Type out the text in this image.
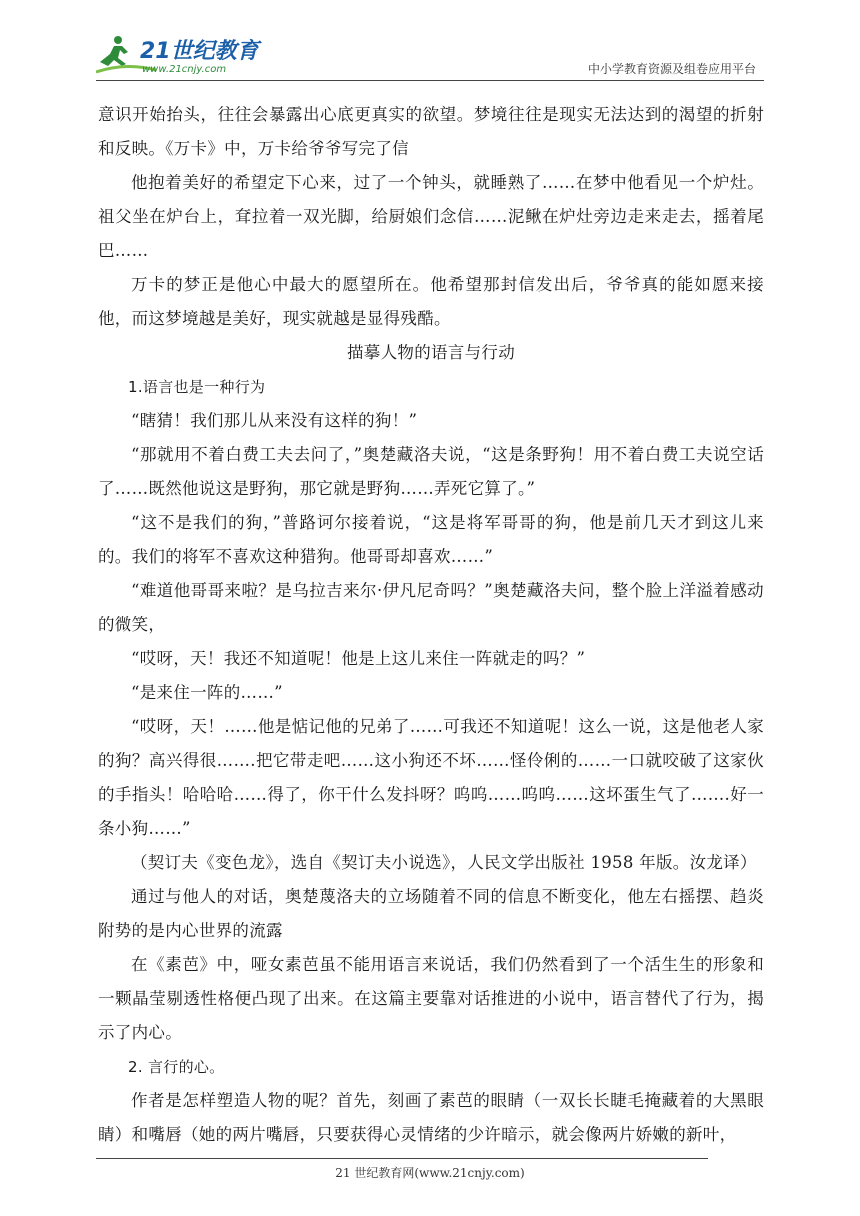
21世纪教育
www.21cnjy.com	中小学教育资源及组卷应用平台

意识开始抬头，往往会暴露出心底更真实的欲望。梦境往往是现实无法达到的渴望的折射和反映。《万卡》中，万卡给爷爷写完了信

他抱着美好的希望定下心来，过了一个钟头，就睡熟了……在梦中他看见一个炉灶。祖父坐在炉台上，耷拉着一双光脚，给厨娘们念信……泥鳅在炉灶旁边走来走去，摇着尾巴……

万卡的梦正是他心中最大的愿望所在。他希望那封信发出后，爷爷真的能如愿来接他，而这梦境越是美好，现实就越是显得残酷。

描摹人物的语言与行动

1.语言也是一种行为

“瞎猜！我们那儿从来没有这样的狗！”

“那就用不着白费工夫去问了，”奥楚藏洛夫说，“这是条野狗！用不着白费工夫说空话了……既然他说这是野狗，那它就是野狗……弄死它算了。”

“这不是我们的狗，”普路诃尔接着说，“这是将军哥哥的狗，他是前几天才到这儿来的。我们的将军不喜欢这种猎狗。他哥哥却喜欢……”

“难道他哥哥来啦？是乌拉吉来尔·伊凡尼奇吗？”奥楚藏洛夫问，整个脸上洋溢着感动的微笑，

“哎呀，天！我还不知道呢！他是上这儿来住一阵就走的吗？”

“是来住一阵的……”

“哎呀，天！……他是惦记他的兄弟了……可我还不知道呢！这么一说，这是他老人家的狗？高兴得很…….把它带走吧……这小狗还不坏……怪伶俐的……一口就咬破了这家伙的手指头！哈哈哈……得了，你干什么发抖呀？呜呜……呜呜……这坏蛋生气了…….好一条小狗……”

（契订夫《变色龙》，选自《契订夫小说选》，人民文学出版社 1958 年版。汝龙译）

通过与他人的对话，奥楚蔑洛夫的立场随着不同的信息不断变化，他左右摇摆、趋炎附势的是内心世界的流露

在《素芭》中，哑女素芭虽不能用语言来说话，我们仍然看到了一个活生生的形象和一颗晶莹剔透性格便凸现了出来。在这篇主要靠对话推进的小说中，语言替代了行为，揭示了内心。

2. 言行的心。

作者是怎样塑造人物的呢？首先，刻画了素芭的眼睛（一双长长睫毛掩藏着的大黑眼睛）和嘴唇（她的两片嘴唇，只要获得心灵情绪的少许暗示，就会像两片娇嫩的新叶，

21 世纪教育网(www.21cnjy.com)
